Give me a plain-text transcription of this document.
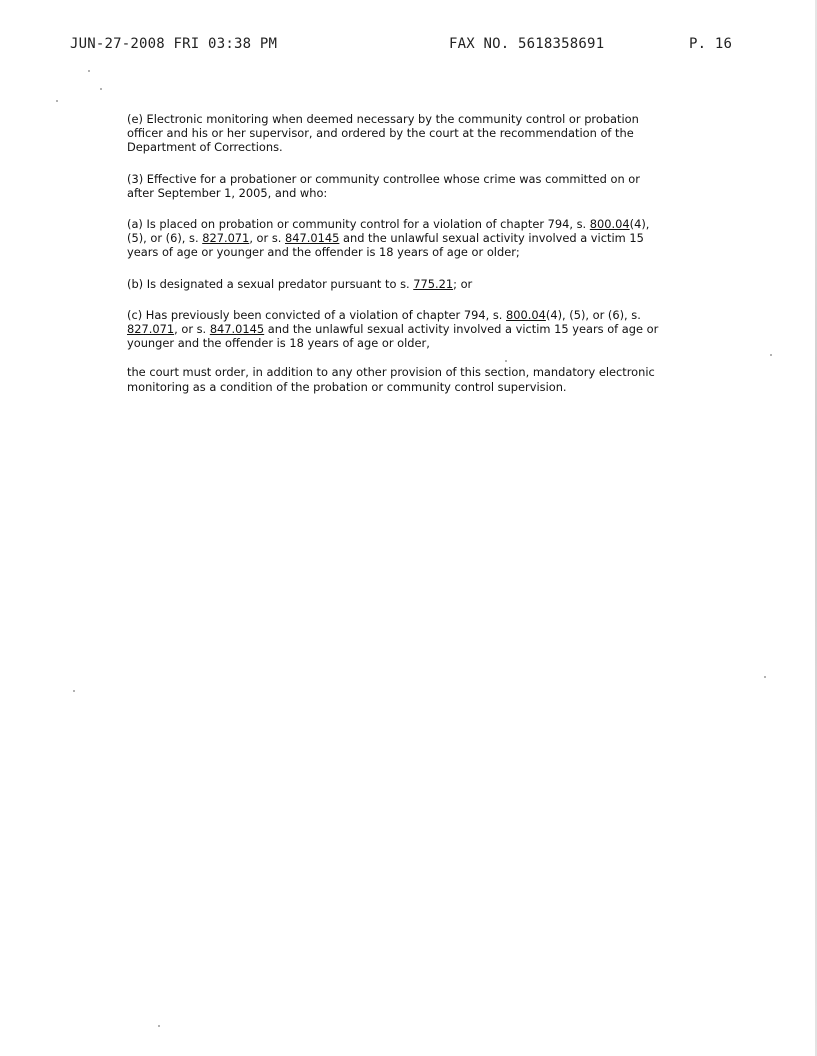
JUN-27-2008 FRI 03:38 PM	FAX NO. 5618358691	P. 16

(e) Electronic monitoring when deemed necessary by the community control or probation officer and his or her supervisor, and ordered by the court at the recommendation of the Department of Corrections.

(3) Effective for a probationer or community controllee whose crime was committed on or after September 1, 2005, and who:

(a) Is placed on probation or community control for a violation of chapter 794, s. 800.04(4), (5), or (6), s. 827.071, or s. 847.0145 and the unlawful sexual activity involved a victim 15 years of age or younger and the offender is 18 years of age or older;

(b) Is designated a sexual predator pursuant to s. 775.21; or

(c) Has previously been convicted of a violation of chapter 794, s. 800.04(4), (5), or (6), s. 827.071, or s. 847.0145 and the unlawful sexual activity involved a victim 15 years of age or younger and the offender is 18 years of age or older,

the court must order, in addition to any other provision of this section, mandatory electronic monitoring as a condition of the probation or community control supervision.
